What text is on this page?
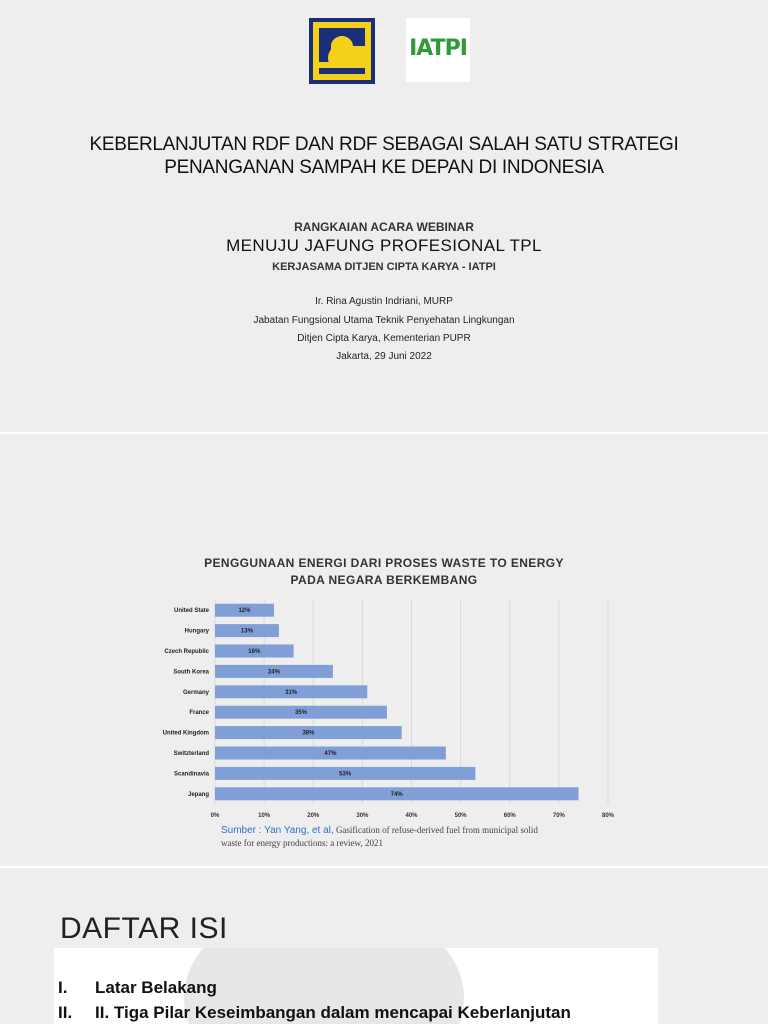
IATPI
KEBERLANJUTAN RDF DAN RDF SEBAGAI SALAH SATU STRATEGI
PENANGANAN SAMPAH KE DEPAN DI INDONESIA
RANGKAIAN ACARA WEBINAR
MENUJU JAFUNG PROFESIONAL TPL
KERJASAMA DITJEN CIPTA KARYA - IATPI
Ir. Rina Agustin Indriani, MURP
Jabatan Fungsional Utama Teknik Penyehatan Lingkungan
Ditjen Cipta Karya, Kementerian PUPR
Jakarta, 29 Juni 2022
PENGGUNAAN ENERGI DARI PROSES WASTE TO ENERGY
PADA NEGARA BERKEMBANG
0%	10%	20%	30%	40%	50%	60%	70%	80%
United State	12%
Hungary	13%
Czech Republic	16%
South Korea	24%
Germany	31%
France	35%
United Kingdom	38%
Switzterland	47%
Scandinavia	53%
Jepang	74%
Sumber : Yan Yang, et al, Gasification of refuse-derived fuel from municipal solid
waste for energy productions: a review, 2021
DAFTAR ISI
I. Latar Belakang
II. II. Tiga Pilar Keseimbangan dalam mencapai Keberlanjutan
